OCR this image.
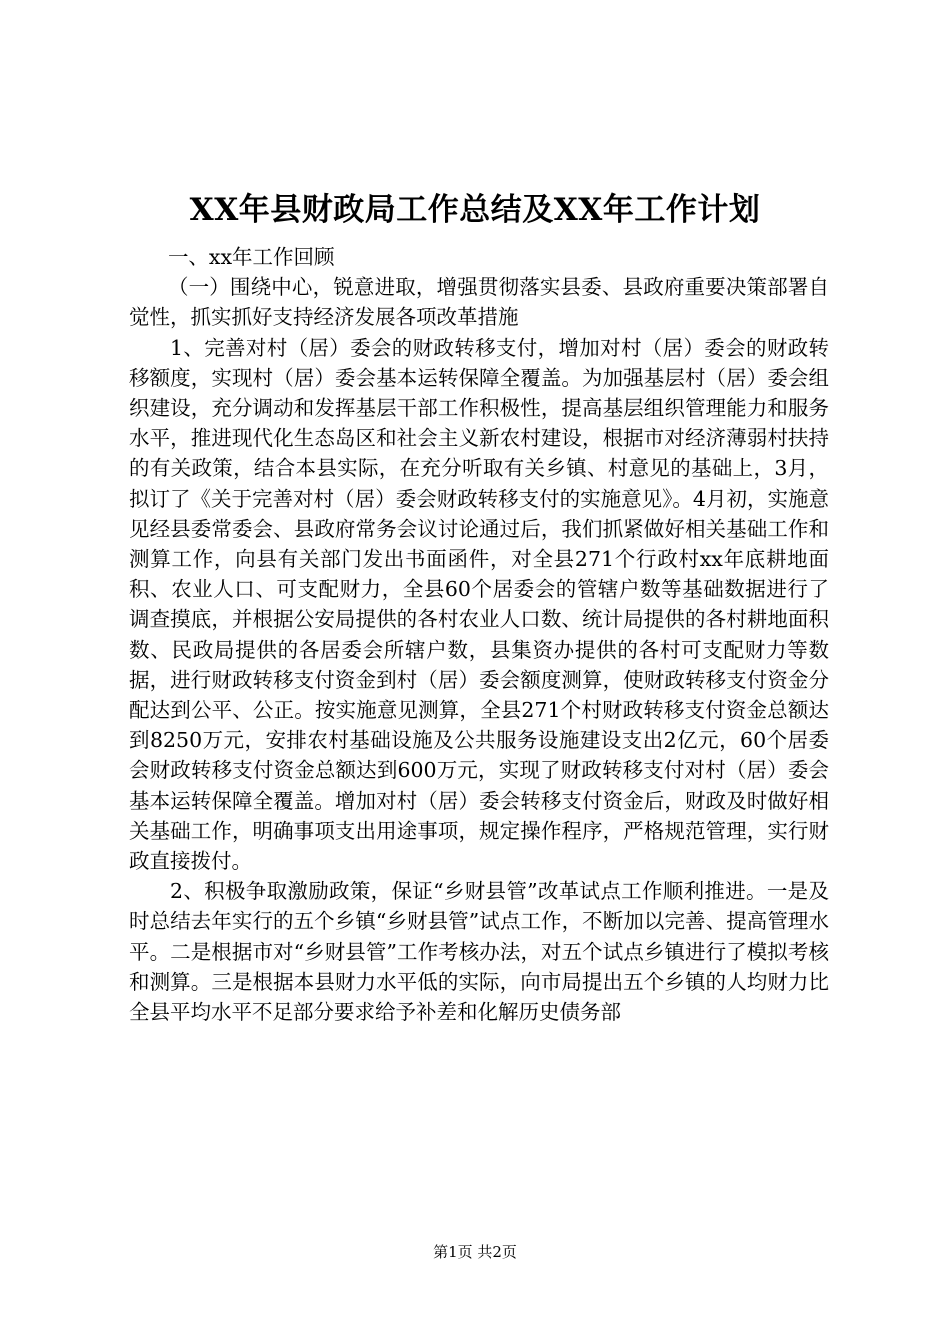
XX年县财政局工作总结及XX年工作计划

一、xx年工作回顾

（一）围绕中心，锐意进取，增强贯彻落实县委、县政府重要决策部署自觉性，抓实抓好支持经济发展各项改革措施

1、完善对村（居）委会的财政转移支付，增加对村（居）委会的财政转移额度，实现村（居）委会基本运转保障全覆盖。为加强基层村（居）委会组织建设，充分调动和发挥基层干部工作积极性，提高基层组织管理能力和服务水平，推进现代化生态岛区和社会主义新农村建设，根据市对经济薄弱村扶持的有关政策，结合本县实际，在充分听取有关乡镇、村意见的基础上，3月，拟订了《关于完善对村（居）委会财政转移支付的实施意见》。4月初，实施意见经县委常委会、县政府常务会议讨论通过后，我们抓紧做好相关基础工作和测算工作，向县有关部门发出书面函件，对全县271个行政村xx年底耕地面积、农业人口、可支配财力，全县60个居委会的管辖户数等基础数据进行了调查摸底，并根据公安局提供的各村农业人口数、统计局提供的各村耕地面积数、民政局提供的各居委会所辖户数，县集资办提供的各村可支配财力等数据，进行财政转移支付资金到村（居）委会额度测算，使财政转移支付资金分配达到公平、公正。按实施意见测算，全县271个村财政转移支付资金总额达到8250万元，安排农村基础设施及公共服务设施建设支出2亿元，60个居委会财政转移支付资金总额达到600万元，实现了财政转移支付对村（居）委会基本运转保障全覆盖。增加对村（居）委会转移支付资金后，财政及时做好相关基础工作，明确事项支出用途事项，规定操作程序，严格规范管理，实行财政直接拨付。

2、积极争取激励政策，保证“乡财县管”改革试点工作顺利推进。一是及时总结去年实行的五个乡镇“乡财县管”试点工作，不断加以完善、提高管理水平。二是根据市对“乡财县管”工作考核办法，对五个试点乡镇进行了模拟考核和测算。三是根据本县财力水平低的实际，向市局提出五个乡镇的人均财力比全县平均水平不足部分要求给予补差和化解历史债务部

第1页 共2页
